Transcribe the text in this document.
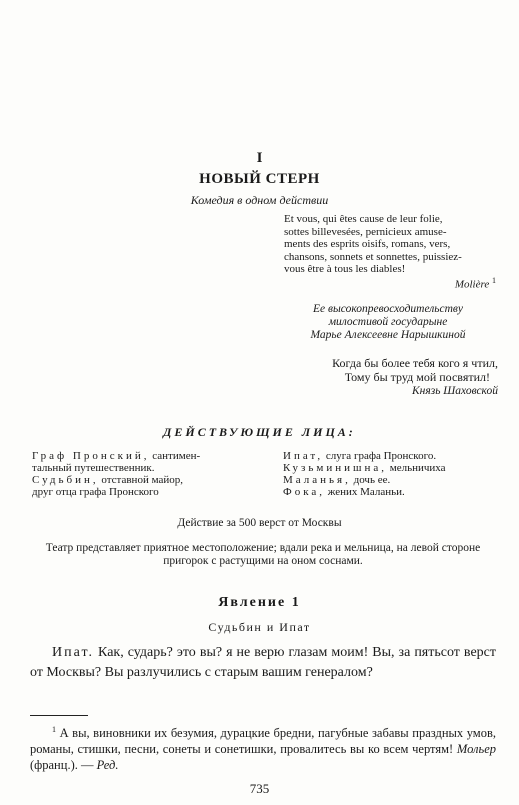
I
НОВЫЙ СТЕРН
Комедия в одном действии
Et vous, qui êtes cause de leur folie,
sottes billevesées, pernicieux amuse-
ments des esprits oisifs, romans, vers,
chansons, sonnets et sonnettes, puissiez-
vous être à tous les diables!
Molière $^1$
Ее высокопревосходительству
милостивой государыне
Марье Алексеевне Нарышкиной
Когда бы более тебя кого я чтил,
Тому бы труд мой посвятил!
Князь Шаховской
ДЕЙСТВУЮЩИЕ ЛИЦА:
Граф Пронский, сантимен-
тальный путешественник.
Судьбин, отставной майор,
друг отца графа Пронского
Ипат, слуга графа Пронского.
Кузьминишна, мельничиха
Маланья, дочь ее.
Фока, жених Маланьи.
Действие за 500 верст от Москвы
Театр представляет приятное местоположение; вдали река и мельница, на левой стороне пригорок с растущими на оном соснами.
Явление 1
Судьбин и Ипат
Ипат. Как, сударь? это вы? я не верю глазам моим! Вы, за пятьсот верст от Москвы? Вы разлучились с старым вашим генералом?
$^1$ А вы, виновники их безумия, дурацкие бредни, пагубные забавы праздных умов, романы, стишки, песни, сонеты и сонетишки, провалитесь вы ко всем чертям! Мольер (франц.). — Ред.
735
